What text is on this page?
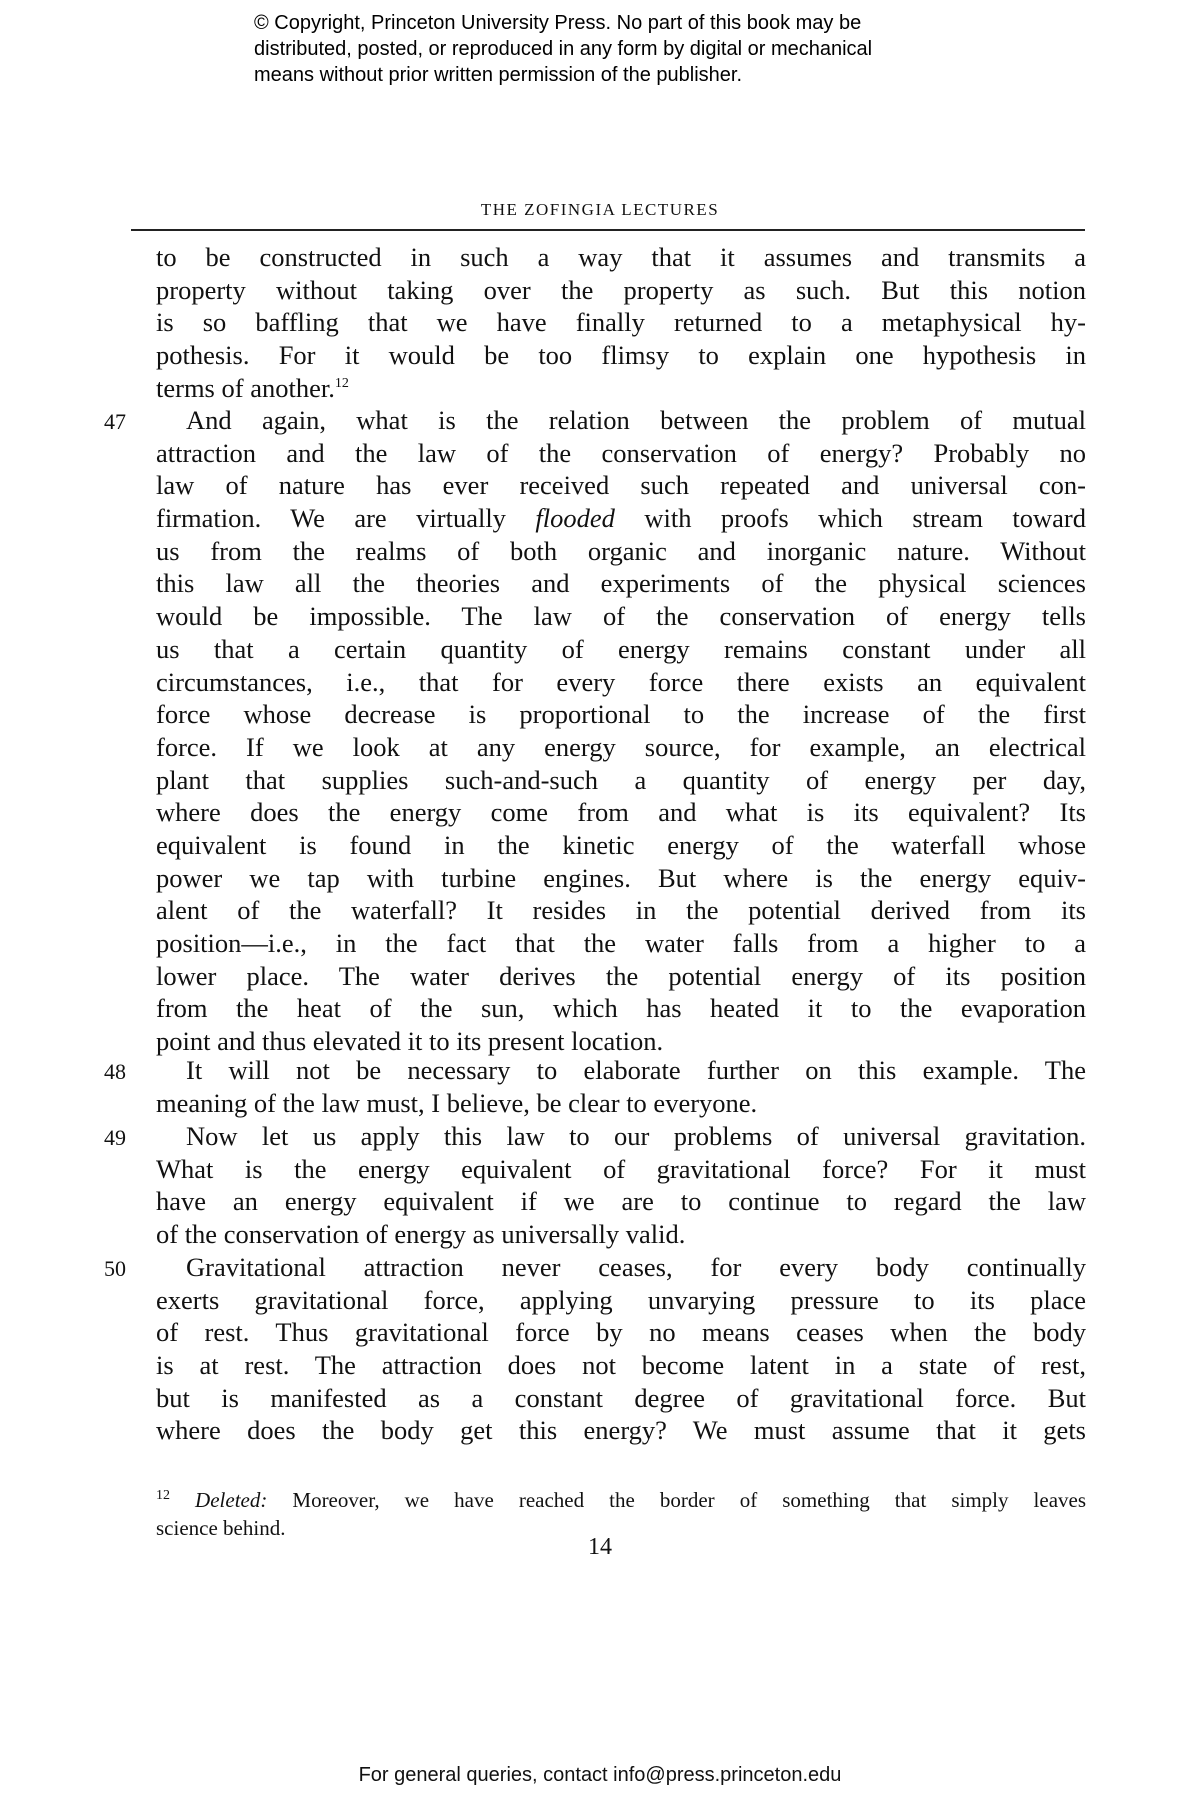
© Copyright, Princeton University Press. No part of this book may be
distributed, posted, or reproduced in any form by digital or mechanical
means without prior written permission of the publisher.
THE ZOFINGIA LECTURES
to be constructed in such a way that it assumes and transmits a
property without taking over the property as such. But this notion
is so baffling that we have finally returned to a metaphysical hy-
pothesis. For it would be too flimsy to explain one hypothesis in
terms of another.$^{12}$
47	And again, what is the relation between the problem of mutual
attraction and the law of the conservation of energy? Probably no
law of nature has ever received such repeated and universal con-
firmation. We are virtually flooded with proofs which stream toward
us from the realms of both organic and inorganic nature. Without
this law all the theories and experiments of the physical sciences
would be impossible. The law of the conservation of energy tells
us that a certain quantity of energy remains constant under all
circumstances, i.e., that for every force there exists an equivalent
force whose decrease is proportional to the increase of the first
force. If we look at any energy source, for example, an electrical
plant that supplies such-and-such a quantity of energy per day,
where does the energy come from and what is its equivalent? Its
equivalent is found in the kinetic energy of the waterfall whose
power we tap with turbine engines. But where is the energy equiv-
alent of the waterfall? It resides in the potential derived from its
position—i.e., in the fact that the water falls from a higher to a
lower place. The water derives the potential energy of its position
from the heat of the sun, which has heated it to the evaporation
point and thus elevated it to its present location.
48	It will not be necessary to elaborate further on this example. The
meaning of the law must, I believe, be clear to everyone.
49	Now let us apply this law to our problems of universal gravitation.
What is the energy equivalent of gravitational force? For it must
have an energy equivalent if we are to continue to regard the law
of the conservation of energy as universally valid.
50	Gravitational attraction never ceases, for every body continually
exerts gravitational force, applying unvarying pressure to its place
of rest. Thus gravitational force by no means ceases when the body
is at rest. The attraction does not become latent in a state of rest,
but is manifested as a constant degree of gravitational force. But
where does the body get this energy? We must assume that it gets
$^{12}$ Deleted: Moreover, we have reached the border of something that simply leaves
science behind.
14
For general queries, contact info@press.princeton.edu
